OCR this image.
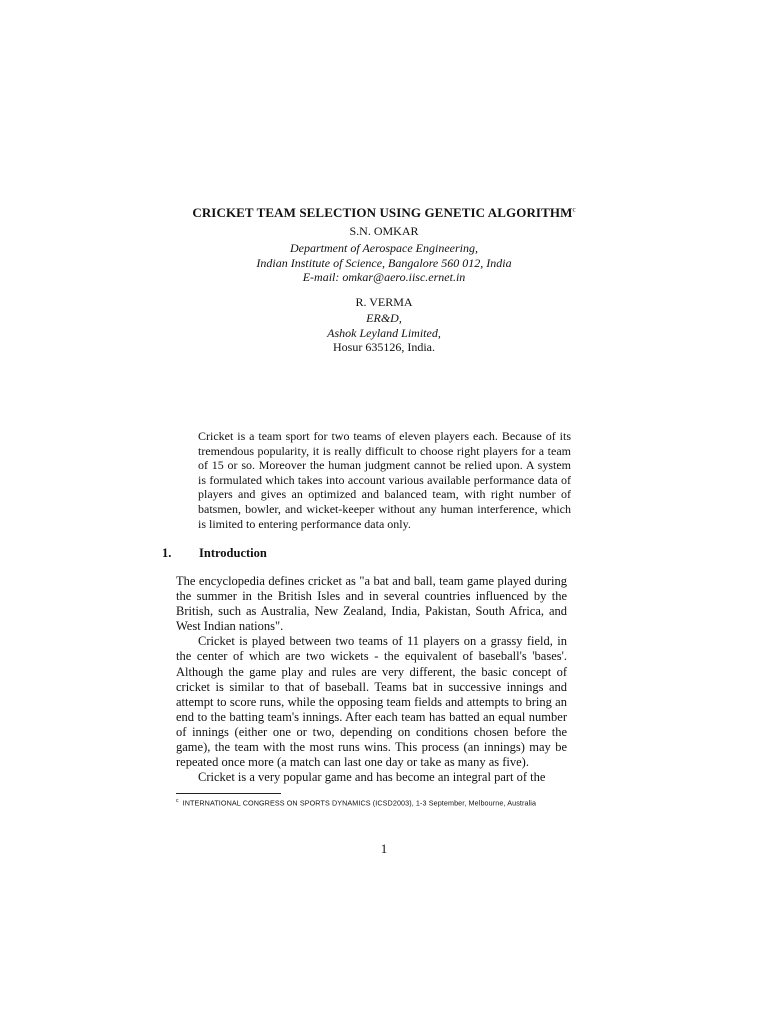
CRICKET TEAM SELECTION USING GENETIC ALGORITHM$^c$
S.N. OMKAR
Department of Aerospace Engineering,
Indian Institute of Science, Bangalore 560 012, India
E-mail: omkar@aero.iisc.ernet.in
R. VERMA
ER&D,
Ashok Leyland Limited,
Hosur 635126, India.
Cricket is a team sport for two teams of eleven players each. Because of its tremendous popularity, it is really difficult to choose right players for a team of 15 or so. Moreover the human judgment cannot be relied upon. A system is formulated which takes into account various available performance data of players and gives an optimized and balanced team, with right number of batsmen, bowler, and wicket-keeper without any human interference, which is limited to entering performance data only.
1. Introduction

The encyclopedia defines cricket as "a bat and ball, team game played during the summer in the British Isles and in several countries influenced by the British, such as Australia, New Zealand, India, Pakistan, South Africa, and West Indian nations".

Cricket is played between two teams of 11 players on a grassy field, in the center of which are two wickets - the equivalent of baseball's 'bases'. Although the game play and rules are very different, the basic concept of cricket is similar to that of baseball. Teams bat in successive innings and attempt to score runs, while the opposing team fields and attempts to bring an end to the batting team's innings. After each team has batted an equal number of innings (either one or two, depending on conditions chosen before the game), the team with the most runs wins. This process (an innings) may be repeated once more (a match can last one day or take as many as five).

Cricket is a very popular game and has become an integral part of the

$^c$ INTERNATIONAL CONGRESS ON SPORTS DYNAMICS (ICSD2003), 1-3 September, Melbourne, Australia
1
